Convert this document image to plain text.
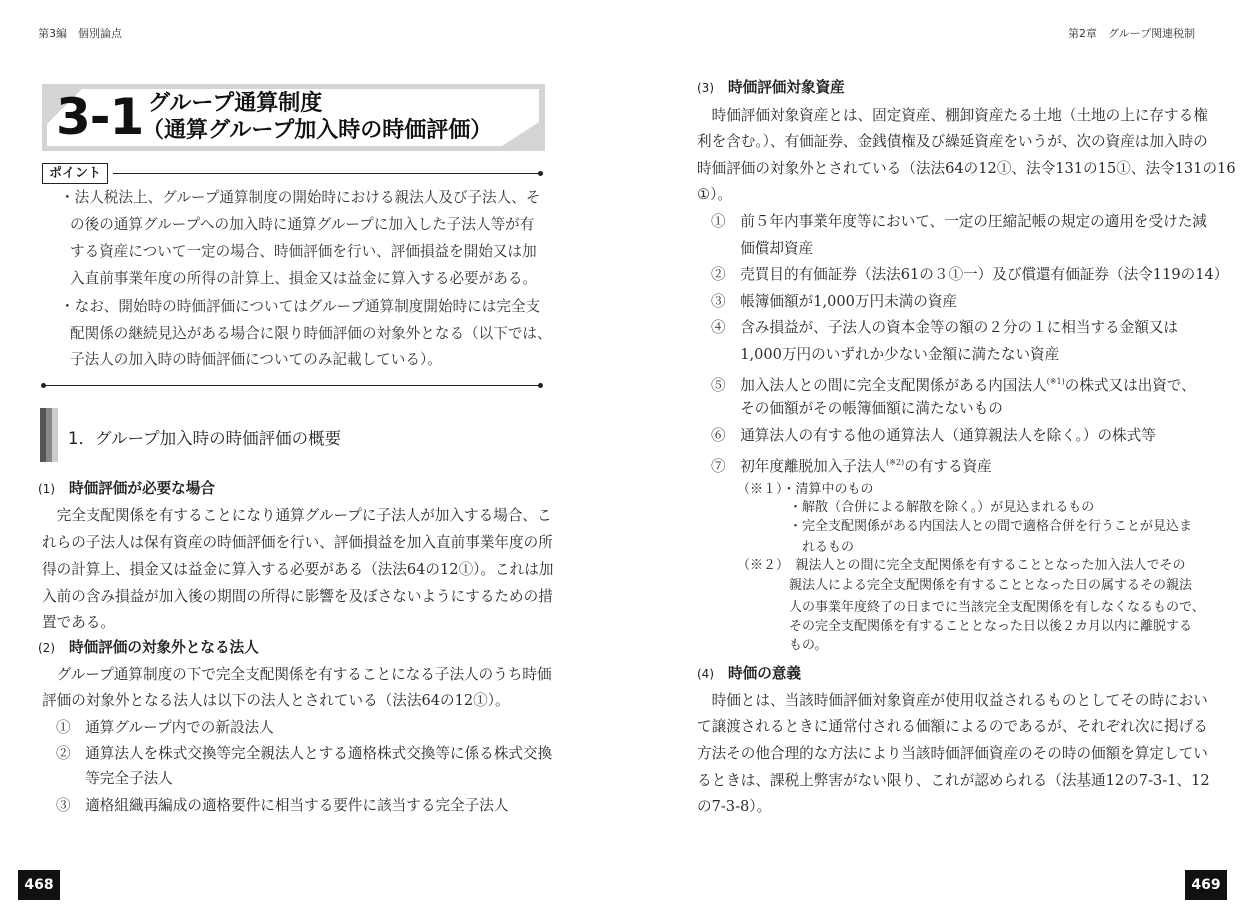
第3編　個別論点
3-1 グループ通算制度
（通算グループ加入時の時価評価）
ポイント
・法人税法上、グループ通算制度の開始時における親法人及び子法人、そ
の後の通算グループへの加入時に通算グループに加入した子法人等が有
する資産について一定の場合、時価評価を行い、評価損益を開始又は加
入直前事業年度の所得の計算上、損金又は益金に算入する必要がある。
・なお、開始時の時価評価についてはグループ通算制度開始時には完全支
配関係の継続見込がある場合に限り時価評価の対象外となる（以下では、
子法人の加入時の時価評価についてのみ記載している）。
1．グループ加入時の時価評価の概要
(1) 時価評価が必要な場合
　完全支配関係を有することになり通算グループに子法人が加入する場合、こ
れらの子法人は保有資産の時価評価を行い、評価損益を加入直前事業年度の所
得の計算上、損金又は益金に算入する必要がある（法法64の12①）。これは加
入前の含み損益が加入後の期間の所得に影響を及ぼさないようにするための措
置である。
(2) 時価評価の対象外となる法人
　グループ通算制度の下で完全支配関係を有することになる子法人のうち時価
評価の対象外となる法人は以下の法人とされている（法法64の12①）。
①　通算グループ内での新設法人
②　通算法人を株式交換等完全親法人とする適格株式交換等に係る株式交換
　　等完全子法人
③　適格組織再編成の適格要件に相当する要件に該当する完全子法人
468
第2章　グループ関連税制
(3) 時価評価対象資産
　時価評価対象資産とは、固定資産、棚卸資産たる土地（土地の上に存する権
利を含む。）、有価証券、金銭債権及び繰延資産をいうが、次の資産は加入時の
時価評価の対象外とされている（法法64の12①、法令131の15①、法令131の16
①）。
①　前５年内事業年度等において、一定の圧縮記帳の規定の適用を受けた減
　　価償却資産
②　売買目的有価証券（法法61の３①一）及び償還有価証券（法令119の14）
③　帳簿価額が1,000万円未満の資産
④　含み損益が、子法人の資本金等の額の２分の１に相当する金額又は
　　1,000万円のいずれか少ない金額に満たない資産
⑤　加入法人との間に完全支配関係がある内国法人$^{(※1)}$の株式又は出資で、
　　その価額がその帳簿価額に満たないもの
⑥　通算法人の有する他の通算法人（通算親法人を除く。）の株式等
⑦　初年度離脱加入子法人$^{(※2)}$の有する資産
（※１）・清算中のもの
　　　　・解散（合併による解散を除く。）が見込まれるもの
　　　　・完全支配関係がある内国法人との間で適格合併を行うことが見込ま
　　　　　れるもの
（※２）　親法人との間に完全支配関係を有することとなった加入法人でその
　　　　親法人による完全支配関係を有することとなった日の属するその親法
　　　　人の事業年度終了の日までに当該完全支配関係を有しなくなるもので、
　　　　その完全支配関係を有することとなった日以後２カ月以内に離脱する
　　　　もの。
(4) 時価の意義
　時価とは、当該時価評価対象資産が使用収益されるものとしてその時におい
て譲渡されるときに通常付される価額によるのであるが、それぞれ次に掲げる
方法その他合理的な方法により当該時価評価資産のその時の価額を算定してい
るときは、課税上弊害がない限り、これが認められる（法基通12の7-3-1、12
の7-3-8）。
469
